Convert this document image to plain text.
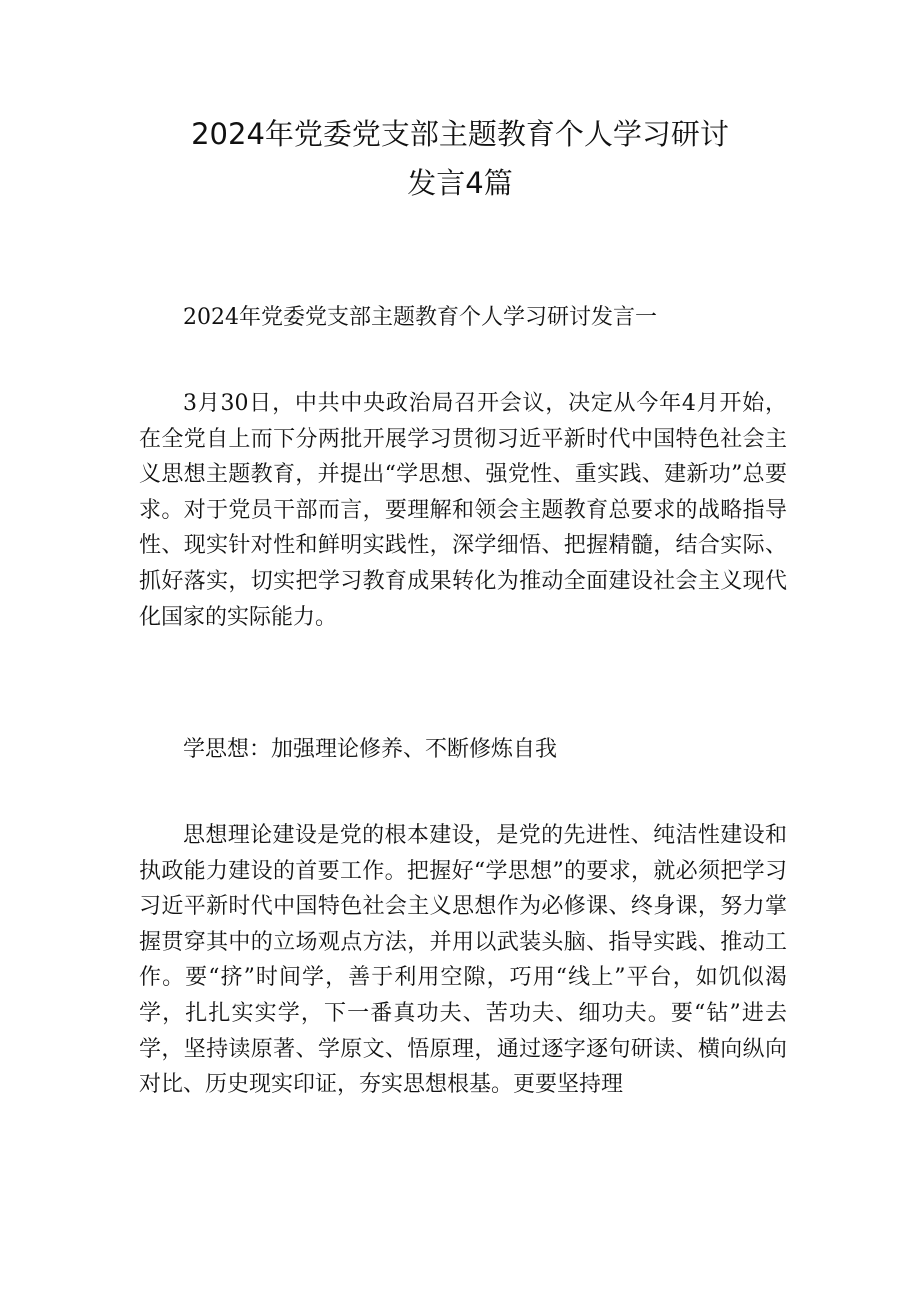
2024年党委党支部主题教育个人学习研讨
发言4篇

2024年党委党支部主题教育个人学习研讨发言一

3月30日，中共中央政治局召开会议，决定从今年4月开始，在全党自上而下分两批开展学习贯彻习近平新时代中国特色社会主义思想主题教育，并提出“学思想、强党性、重实践、建新功”总要求。对于党员干部而言，要理解和领会主题教育总要求的战略指导性、现实针对性和鲜明实践性，深学细悟、把握精髓，结合实际、抓好落实，切实把学习教育成果转化为推动全面建设社会主义现代化国家的实际能力。

学思想：加强理论修养、不断修炼自我

思想理论建设是党的根本建设，是党的先进性、纯洁性建设和执政能力建设的首要工作。把握好“学思想”的要求，就必须把学习习近平新时代中国特色社会主义思想作为必修课、终身课，努力掌握贯穿其中的立场观点方法，并用以武装头脑、指导实践、推动工作。要“挤”时间学，善于利用空隙，巧用“线上”平台，如饥似渴学，扎扎实实学，下一番真功夫、苦功夫、细功夫。要“钻”进去学，坚持读原著、学原文、悟原理，通过逐字逐句研读、横向纵向对比、历史现实印证，夯实思想根基。更要坚持理
